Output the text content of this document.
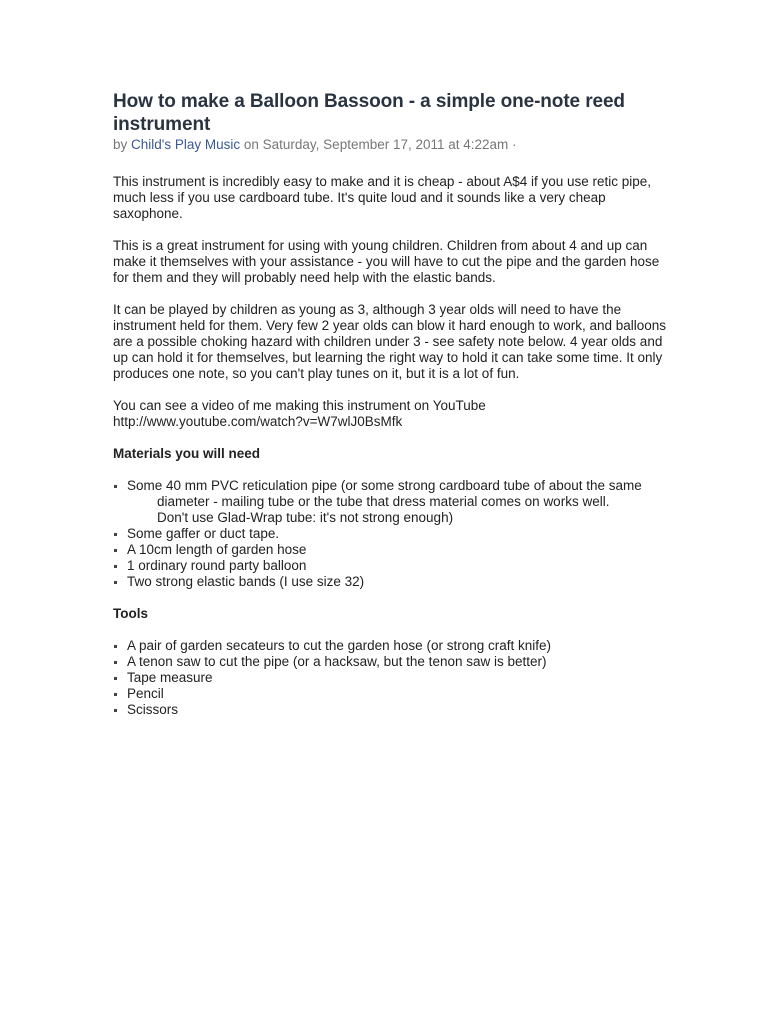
How to make a Balloon Bassoon - a simple one-note reed instrument
by Child's Play Music on Saturday, September 17, 2011 at 4:22am ·

This instrument is incredibly easy to make and it is cheap - about A$4 if you use retic pipe, much less if you use cardboard tube. It's quite loud and it sounds like a very cheap saxophone.

This is a great instrument for using with young children. Children from about 4 and up can make it themselves with your assistance - you will have to cut the pipe and the garden hose for them and they will probably need help with the elastic bands.

It can be played by children as young as 3, although 3 year olds will need to have the instrument held for them. Very few 2 year olds can blow it hard enough to work, and balloons are a possible choking hazard with children under 3 - see safety note below. 4 year olds and up can hold it for themselves, but learning the right way to hold it can take some time. It only produces one note, so you can't play tunes on it, but it is a lot of fun.

You can see a video of me making this instrument on YouTube
http://www.youtube.com/watch?v=W7wlJ0BsMfk

Materials you will need
Some 40 mm PVC reticulation pipe (or some strong cardboard tube of about the same
diameter - mailing tube or the tube that dress material comes on works well.
Don't use Glad-Wrap tube: it's not strong enough)
Some gaffer or duct tape.
A 10cm length of garden hose
1 ordinary round party balloon
Two strong elastic bands (I use size 32)
Tools
A pair of garden secateurs to cut the garden hose (or strong craft knife)
A tenon saw to cut the pipe (or a hacksaw, but the tenon saw is better)
Tape measure
Pencil
Scissors
